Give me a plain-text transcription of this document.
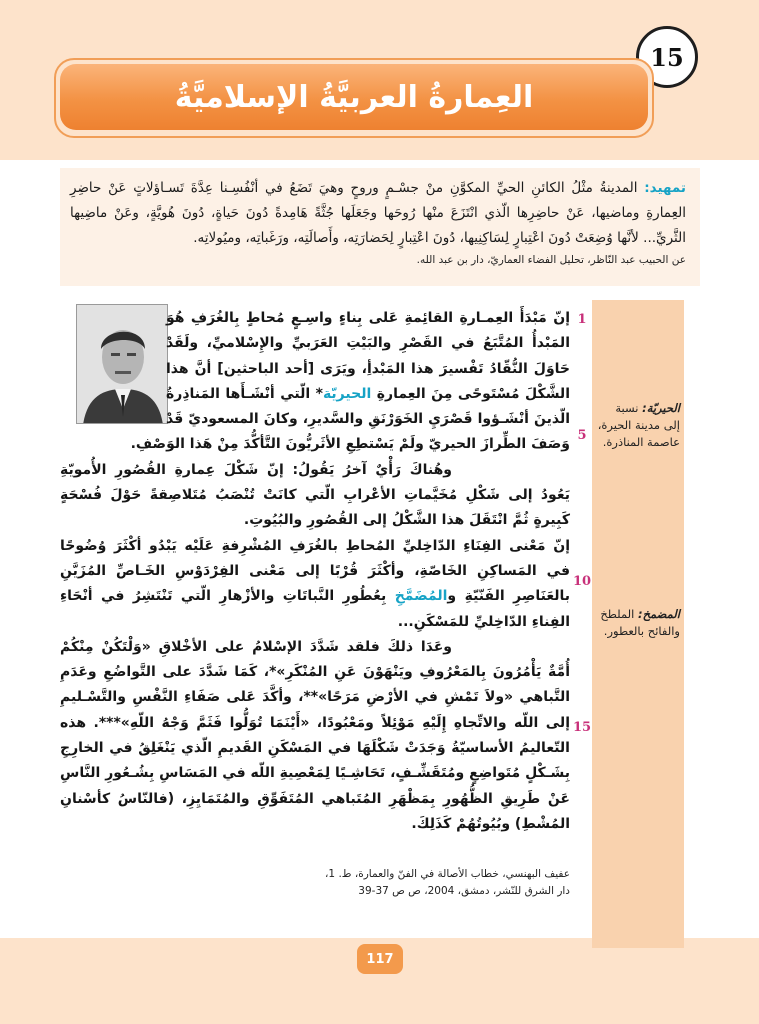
15
العِمارةُ العربيَّةُ الإسلاميَّةُ
تمهيد: المدينةُ مثْلُ الكائنِ الحيِّ المكوَّنِ منْ جسْـمٍ وروحٍ وهيَ تَضَعُ في أنْفُسِـنا عِدَّةَ تَسـاؤلاتٍ عَنْ حاضِرِ العِمارةِ وماضيها، عَنْ حاضِرِها الّذي انْتَزَعَ منْها رُوحَها وجَعَلَها جُثَّةً هَامِدةً دُونَ حَياةٍ، دُونَ هُويَّةٍ، وعَنْ ماضِيها الثَّريِّ... لأنَّها وُضِعَتْ دُونَ اعْتِبارٍ لِسَاكِنِيها، دُونَ اعْتِبارٍ لِحَضارَتِه، وأَصالَتِه، ورَغَباتِه، وميُولاتِه.
عن الحبيب عبد النّاظر، تحليل الفضاء العماريّ، دار بن عبد الله.
الحيريّة: نسبة إلى مدينة الحيرة، عاصمة المناذرة.
المضمخ: الملطخ والفائح بالعطور.
1
5
10
15

إنّ مَبْدَأَ العِمـارةِ القائِمةِ عَلى بِناءٍ واسِـعٍ مُحاطٍ بِالغُرَفِ هُوَ المَبْدأُ المُتَّبَعُ في القَصْرِ والبَيْتِ العَرَبيِّ والإِسْلاميِّ، ولَقَدْ حَاوَلَ النُّقّادُ تَفْسيرَ هذا المَبْدأِ، ويَرَى [أحد الباحثين] أنَّ هذا الشَّكْلَ مُسْتَوحًى مِنَ العِمارةِ الحيريّة* الّتي أنْشَـأَها المَناذِرةُ الّذينَ أنْشَـؤوا قَصْرَيِ الخَوَرْنَقِ والسَّديرِ، وكانَ المسعوديّ قَدْ وَصَفَ الطِّرازَ الحيريّ ولَمْ يَسْتطِعِ الأثَريُّونَ التَّأكُّدَ مِنْ هَذا الوَصْفِ.

وهُناكَ رَأْيٌ آخرُ يَقُولُ: إنّ شَكْلَ عِمارةِ القُصُورِ الأُمويّةِ يَعُودُ إلى شَكْلِ مُخَيَّماتِ الأعْرابِ الّتي كانَتْ تُنْصَبُ مُتَلاصِقةً حَوْلَ فُسْحَةٍ كَبِيرةٍ ثُمَّ انْتَقَلَ هذا الشَّكْلُ إلى القُصُورِ والبُيُوتِ.

إنّ مَعْنى الفِنَاءِ الدّاخِليِّ المُحاطِ بالغُرَفِ المُشْرِفةِ عَلَيْه يَبْدُو أكْثَرَ وُضُوحًا في المَساكِنِ الخَاصّةِ، وأكْثَرَ قُرْبًا إلى مَعْنى الفِرْدَوْسِ الخَـاصِّ المُزَيَّنِ بالعَنَاصِرِ الفَنّيّةِ والمُضَمَّخِ بِعُطُورِ النَّباتَاتِ والأزْهارِ الّتي تَنْتَشِرُ في أنْحَاءِ الفِناءِ الدّاخِليِّ للمَسْكَنِ...

وعَدَا ذلكَ فلقد شَدَّدَ الإسْلامُ على الأخْلاقِ «وَلْتَكُنْ مِنْكُمْ أُمَّةٌ يَأْمُرُونَ بِالمَعْرُوفِ ويَنْهَوْنَ عَنِ المُنْكَرِ»*، كَمَا شَدَّدَ على التَّواضُعِ وعَدَمِ التَّباهي «ولاَ تَمْشِ في الأرْضِ مَرَحًا»**، وأكَّدَ عَلى صَفَاءِ النَّفْسِ والتَّسْـليمِ إلى اللّه والاتِّجاهِ إِلَيْهِ مَوْئِلاً ومَعْبُودًا، «أَيْنَمَا تُوَلُّوا فَثَمَّ وَجْهُ اللّهِ»***. هذه التّعاليمُ الأساسيّةُ وَجَدَتْ شَكْلَهَا في المَسْكَنِ القَديمِ الّذي يَنْغَلِقُ في الخارِجِ بِشَـكْلٍ مُتَواضِعٍ ومُتَقَشِّـفٍ، تَحَاشِـيًا لِمَعْصِيةِ اللّه في المَسَاسِ بِشُـعُورِ النَّاسِ عَنْ طَرِيقِ الظُّهُورِ بِمَظْهَرِ المُتَباهي المُتَفَوِّقِ والمُتَمَايِزِ، (فالنّاسُ كأسْنانِ المُشْطِ) وبُيُوتُهُمْ كَذَلِكَ.

عفيف البهنسي، خطاب الأصالة في الفنّ والعمارة، ط. 1،
دار الشرق للنّشر، دمشق، 2004، ص ص 37-39
117
